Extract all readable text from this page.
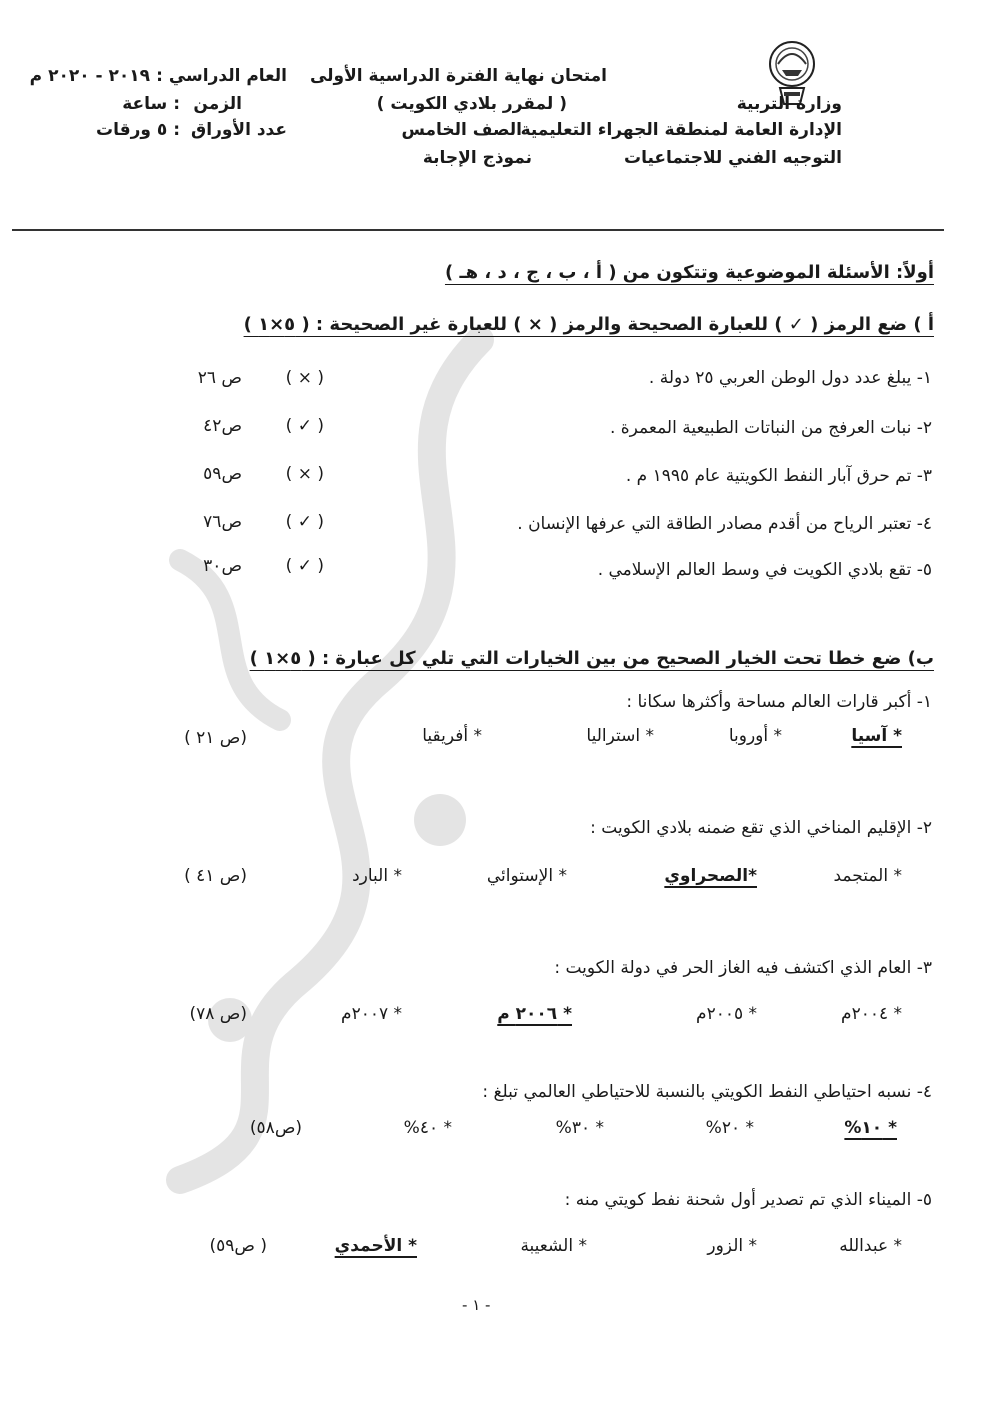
وزارة التربية
الإدارة العامة لمنطقة الجهراء التعليمية
التوجيه الفني للاجتماعيات
امتحان نهاية الفترة الدراسية الأولى
( لمقرر بلادي الكويت )
الصف الخامس
نموذج الإجابة
العام الدراسي :
٢٠١٩ - ٢٠٢٠ م
الزمن
: ساعة
عدد الأوراق
: ٥ ورقات
أولاً: الأسئلة الموضوعية وتتكون من ( أ ، ب ، ج ، د ، هـ )
أ ) ضع الرمز ( ✓ ) للعبارة الصحيحة والرمز ( × ) للعبارة غير الصحيحة : ( ٥×١ )
١- يبلغ عدد دول الوطن العربي ٢٥ دولة .
( × )
ص ٢٦
٢- نبات العرفج من النباتات الطبيعية المعمرة .
( ✓ )
ص٤٢
٣- تم حرق آبار النفط الكويتية عام ١٩٩٥ م .
( × )
ص٥٩
٤- تعتبر الرياح من أقدم مصادر الطاقة التي عرفها الإنسان .
( ✓ )
ص٧٦
٥- تقع بلادي الكويت في وسط العالم الإسلامي .
( ✓ )
ص٣٠
ب) ضع خطا تحت الخيار الصحيح من بين الخيارات التي تلي كل عبارة : ( ٥×١ )
١- أكبر قارات العالم مساحة وأكثرها سكانا :
* آسيا
* أوروبا
* استراليا
* أفريقيا
(ص ٢١ )
٢- الإقليم المناخي الذي تقع ضمنه بلادي الكويت :
* المتجمد
*الصحراوي
* الإستوائي
* البارد
(ص ٤١ )
٣- العام الذي اكتشف فيه الغاز الحر في دولة الكويت :
* ٢٠٠٤م
* ٢٠٠٥م
* ٢٠٠٦ م
* ٢٠٠٧م
(ص ٧٨)
٤- نسبه احتياطي النفط الكويتي بالنسبة للاحتياطي العالمي تبلغ :
* ١٠%
* ٢٠%
* ٣٠%
* ٤٠%
(ص٥٨)
٥- الميناء الذي تم تصدير أول شحنة نفط كويتي منه :
* عبدالله
* الزور
* الشعيبة
* الأحمدي
( ص٥٩)
- ١ -
